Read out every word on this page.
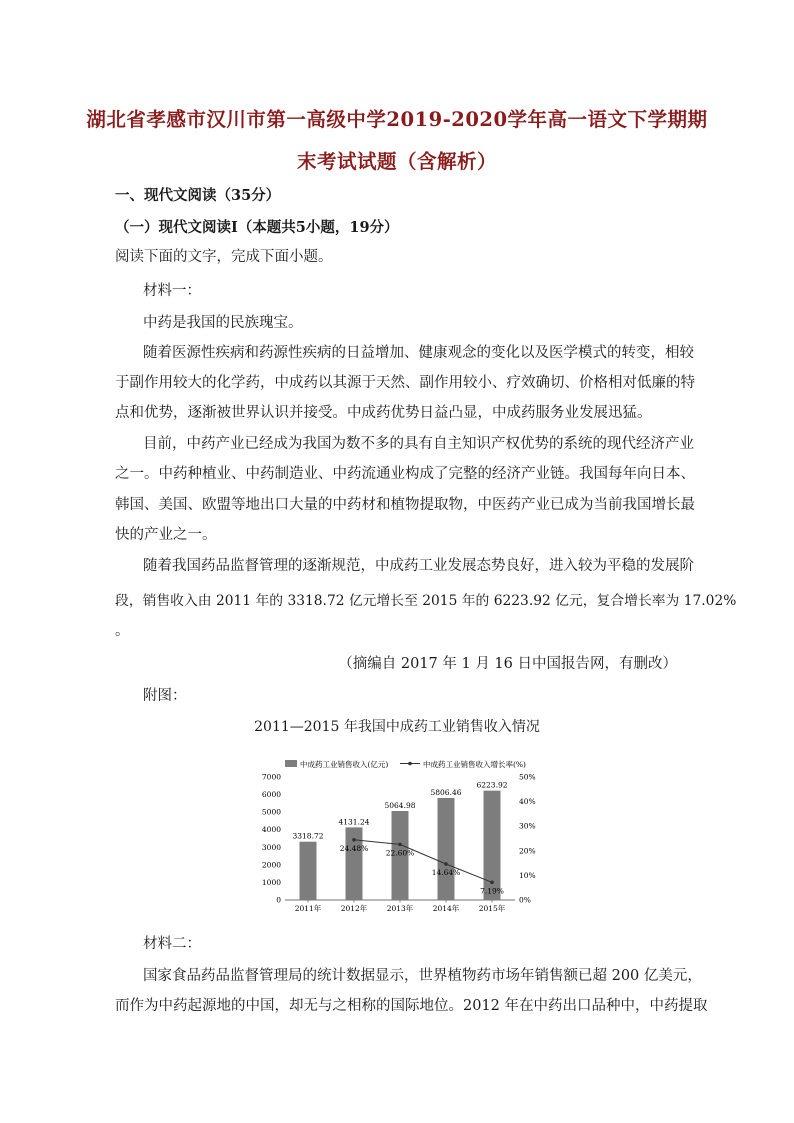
湖北省孝感市汉川市第一高级中学2019-2020学年高一语文下学期期
末考试试题（含解析）
一、现代文阅读（35分）
（一）现代文阅读Ⅰ（本题共5小题，19分）
阅读下面的文字，完成下面小题。
材料一：
中药是我国的民族瑰宝。
随着医源性疾病和药源性疾病的日益增加、健康观念的变化以及医学模式的转变，相较
于副作用较大的化学药，中成药以其源于天然、副作用较小、疗效确切、价格相对低廉的特
点和优势，逐渐被世界认识并接受。中成药优势日益凸显，中成药服务业发展迅猛。
目前，中药产业已经成为我国为数不多的具有自主知识产权优势的系统的现代经济产业
之一。中药种植业、中药制造业、中药流通业构成了完整的经济产业链。我国每年向日本、
韩国、美国、欧盟等地出口大量的中药材和植物提取物，中医药产业已成为当前我国增长最
快的产业之一。
随着我国药品监督管理的逐渐规范，中成药工业发展态势良好，进入较为平稳的发展阶
段，销售收入由 2011 年的 3318.72 亿元增长至 2015 年的 6223.92 亿元，复合增长率为 17.02%
。
（摘编自 2017 年 1 月 16 日中国报告网，有删改）
附图：
2011—2015 年我国中成药工业销售收入情况
中成药工业销售收入(亿元)	中成药工业销售收入增长率(%)
0
1000
2000
3000
4000
5000
6000
7000
0%
10%
20%
30%
40%
50%
2011年	2012年	2013年	2014年	2015年
3318.72
4131.24
5064.98
5806.46
6223.92
24.48%
22.60%
14.64%
7.19%
材料二：
国家食品药品监督管理局的统计数据显示，世界植物药市场年销售额已超 200 亿美元，
而作为中药起源地的中国，却无与之相称的国际地位。2012 年在中药出口品种中，中药提取
